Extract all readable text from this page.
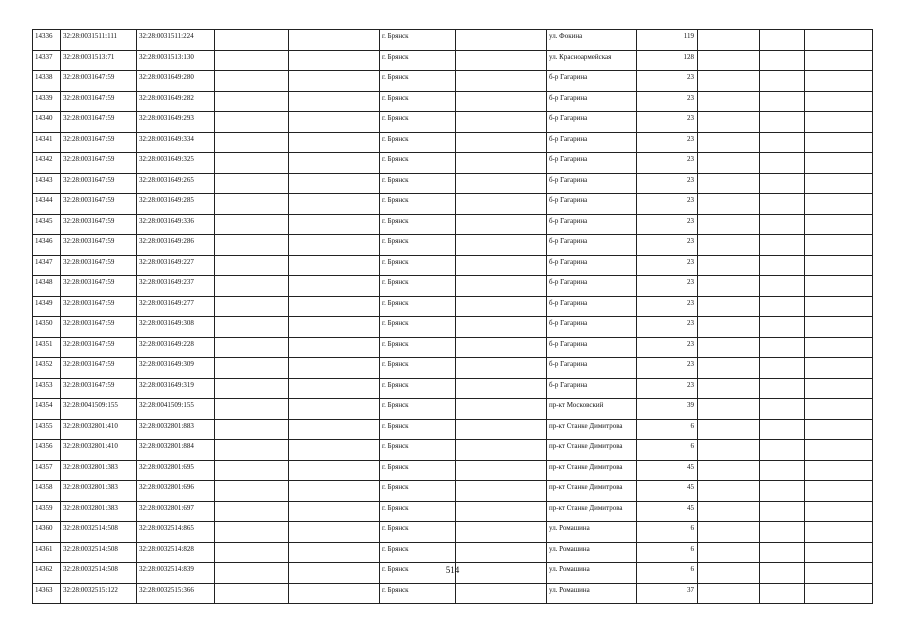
14336	32:28:0031511:111	32:28:0031511:224			г. Брянск		ул. Фокина	119			
14337	32:28:0031513:71	32:28:0031513:130			г. Брянск		ул. Красноармейская	128			
14338	32:28:0031647:59	32:28:0031649:280			г. Брянск		б-р Гагарина	23			
14339	32:28:0031647:59	32:28:0031649:282			г. Брянск		б-р Гагарина	23			
14340	32:28:0031647:59	32:28:0031649:293			г. Брянск		б-р Гагарина	23			
14341	32:28:0031647:59	32:28:0031649:334			г. Брянск		б-р Гагарина	23			
14342	32:28:0031647:59	32:28:0031649:325			г. Брянск		б-р Гагарина	23			
14343	32:28:0031647:59	32:28:0031649:265			г. Брянск		б-р Гагарина	23			
14344	32:28:0031647:59	32:28:0031649:285			г. Брянск		б-р Гагарина	23			
14345	32:28:0031647:59	32:28:0031649:336			г. Брянск		б-р Гагарина	23			
14346	32:28:0031647:59	32:28:0031649:286			г. Брянск		б-р Гагарина	23			
14347	32:28:0031647:59	32:28:0031649:227			г. Брянск		б-р Гагарина	23			
14348	32:28:0031647:59	32:28:0031649:237			г. Брянск		б-р Гагарина	23			
14349	32:28:0031647:59	32:28:0031649:277			г. Брянск		б-р Гагарина	23			
14350	32:28:0031647:59	32:28:0031649:308			г. Брянск		б-р Гагарина	23			
14351	32:28:0031647:59	32:28:0031649:228			г. Брянск		б-р Гагарина	23			
14352	32:28:0031647:59	32:28:0031649:309			г. Брянск		б-р Гагарина	23			
14353	32:28:0031647:59	32:28:0031649:319			г. Брянск		б-р Гагарина	23			
14354	32:28:0041509:155	32:28:0041509:155			г. Брянск		пр-кт Московский	39			
14355	32:28:0032801:410	32:28:0032801:883			г. Брянск		пр-кт Станке Димитрова	6			
14356	32:28:0032801:410	32:28:0032801:884			г. Брянск		пр-кт Станке Димитрова	6			
14357	32:28:0032801:383	32:28:0032801:695			г. Брянск		пр-кт Станке Димитрова	45			
14358	32:28:0032801:383	32:28:0032801:696			г. Брянск		пр-кт Станке Димитрова	45			
14359	32:28:0032801:383	32:28:0032801:697			г. Брянск		пр-кт Станке Димитрова	45			
14360	32:28:0032514:508	32:28:0032514:865			г. Брянск		ул. Ромашина	6			
14361	32:28:0032514:508	32:28:0032514:828			г. Брянск		ул. Ромашина	6			
14362	32:28:0032514:508	32:28:0032514:839			г. Брянск		ул. Ромашина	6			
14363	32:28:0032515:122	32:28:0032515:366			г. Брянск		ул. Ромашина	37			
514
